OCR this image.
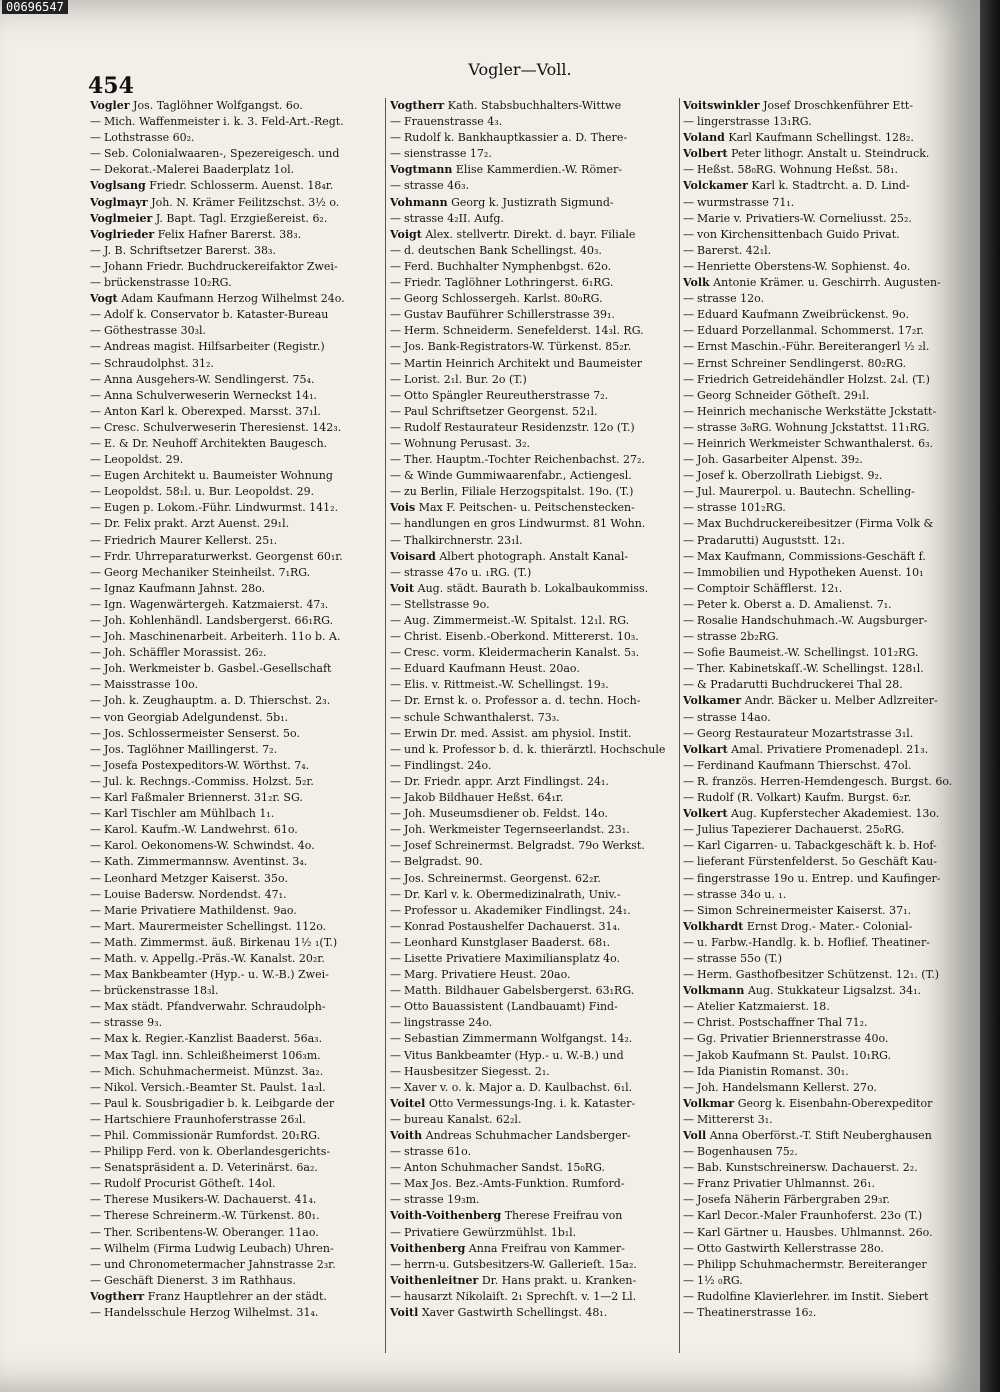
00696547
454
Vogler—Voll.
Vogler Jos. Taglöhner Wolfgangst. 6o.
— Mich. Waffenmeister i. k. 3. Feld-Art.-Regt.
— Lothstrasse 60₂.
— Seb. Colonialwaaren-, Spezereigesch. und
— Dekorat.-Malerei Baaderplatz 1ol.
Voglsang Friedr. Schlosserm. Auenst. 18₄r.
Voglmayr Joh. N. Krämer Feilitzschst. 3½ o.
Voglmeier J. Bapt. Tagl. Erzgießereist. 6₂.
Voglrieder Felix Hafner Barerst. 38₃.
— J. B. Schriftsetzer Barerst. 38₃.
— Johann Friedr. Buchdruckereifaktor Zwei-
— brückenstrasse 10₂RG.
Vogt Adam Kaufmann Herzog Wilhelmst 24o.
— Adolf k. Conservator b. Kataster-Bureau
— Göthestrasse 30₃l.
— Andreas magist. Hilfsarbeiter (Registr.)
— Schraudolphst. 31₂.
— Anna Ausgehers-W. Sendlingerst. 75₄.
— Anna Schulverweserin Werneckst 14₁.
— Anton Karl k. Oberexped. Marsst. 37₁l.
— Cresc. Schulverweserin Theresienst. 142₃.
— E. & Dr. Neuhoff Architekten Baugesch.
— Leopoldst. 29.
— Eugen Architekt u. Baumeister Wohnung
— Leopoldst. 58₁l. u. Bur. Leopoldst. 29.
— Eugen p. Lokom.-Führ. Lindwurmst. 141₂.
— Dr. Felix prakt. Arzt Auenst. 29₁l.
— Friedrich Maurer Kellerst. 25₁.
— Frdr. Uhrreparaturwerkst. Georgenst 60₁r.
— Georg Mechaniker Steinheilst. 7₁RG.
— Ignaz Kaufmann Jahnst. 28o.
— Ign. Wagenwärtergeh. Katzmaierst. 47₃.
— Joh. Kohlenhändl. Landsbergerst. 66₁RG.
— Joh. Maschinenarbeit. Arbeiterh. 11o b. A.
— Joh. Schäffler Morassist. 26₂.
— Joh. Werkmeister b. Gasbel.-Gesellschaft
— Maisstrasse 10o.
— Joh. k. Zeughauptm. a. D. Thierschst. 2₃.
— von Georgiab Adelgundenst. 5b₁.
— Jos. Schlossermeister Senserst. 5o.
— Jos. Taglöhner Maillingerst. 7₂.
— Josefa Postexpeditors-W. Wörthst. 7₄.
— Jul. k. Rechngs.-Commiss. Holzst. 5₂r.
— Karl Faßmaler Briennerst. 31₂r. SG.
— Karl Tischler am Mühlbach 1₁.
— Karol. Kaufm.-W. Landwehrst. 61o.
— Karol. Oekonomens-W. Schwindst. 4o.
— Kath. Zimmermannsw. Aventinst. 3₄.
— Leonhard Metzger Kaiserst. 35o.
— Louise Badersw. Nordendst. 47₁.
— Marie Privatiere Mathildenst. 9ao.
— Mart. Maurermeister Schellingst. 112o.
— Math. Zimmermst. äuß. Birkenau 1½ ₁(T.)
— Math. v. Appellg.-Präs.-W. Kanalst. 20₂r.
— Max Bankbeamter (Hyp.- u. W.-B.) Zwei-
— brückenstrasse 18₃l.
— Max städt. Pfandverwahr. Schraudolph-
— strasse 9₃.
— Max k. Regier.-Kanzlist Baaderst. 56a₃.
— Max Tagl. inn. Schleißheimerst 106₃m.
— Mich. Schuhmachermeist. Münzst. 3a₂.
— Nikol. Versich.-Beamter St. Paulst. 1a₃l.
— Paul k. Sousbrigadier b. k. Leibgarde der
— Hartschiere Fraunhoferstrasse 26₃l.
— Phil. Commissionär Rumfordst. 20₁RG.
— Philipp Ferd. von k. Oberlandesgerichts-
— Senatspräsident a. D. Veterinärst. 6a₂.
— Rudolf Procurist Götheſt. 14ol.
— Therese Musikers-W. Dachauerst. 41₄.
— Therese Schreinerm.-W. Türkenst. 80₁.
— Ther. Scribentens-W. Oberanger. 11ao.
— Wilhelm (Firma Ludwig Leubach) Uhren-
— und Chronometermacher Jahnstrasse 2₃r.
— Geschäft Dienerst. 3 im Rathhaus.
Vogtherr Franz Hauptlehrer an der städt.
— Handelsschule Herzog Wilhelmst. 31₄.
Vogtherr Kath. Stabsbuchhalters-Wittwe
— Frauenstrasse 4₃.
— Rudolf k. Bankhauptkassier a. D. There-
— sienstrasse 17₂.
Vogtmann Elise Kammerdien.-W. Römer-
— strasse 46₃.
Vohmann Georg k. Justizrath Sigmund-
— strasse 4₂II. Aufg.
Voigt Alex. stellvertr. Direkt. d. bayr. Filiale
— d. deutschen Bank Schellingst. 40₃.
— Ferd. Buchhalter Nymphenbgst. 62o.
— Friedr. Taglöhner Lothringerst. 6₁RG.
— Georg Schlossergeh. Karlst. 80₀RG.
— Gustav Bauführer Schillerstrasse 39₁.
— Herm. Schneiderm. Senefelderst. 14₃l. RG.
— Jos. Bank-Registrators-W. Türkenst. 85₂r.
— Martin Heinrich Architekt und Baumeister
— Lorist. 2₁l. Bur. 2o (T.)
— Otto Spängler Reureutherstrasse 7₂.
— Paul Schriftsetzer Georgenst. 52₁l.
— Rudolf Restaurateur Residenzstr. 12o (T.)
— Wohnung Perusast. 3₂.
— Ther. Hauptm.-Tochter Reichenbachst. 27₂.
— & Winde Gummiwaarenfabr., Actiengesl.
— zu Berlin, Filiale Herzogspitalst. 19o. (T.)
Vois Max F. Peitschen- u. Peitschenstecken-
— handlungen en gros Lindwurmst. 81 Wohn.
— Thalkirchnerstr. 23₁l.
Voisard Albert photograph. Anstalt Kanal-
— strasse 47o u. ₁RG. (T.)
Voit Aug. städt. Baurath b. Lokalbaukommiss.
— Stellstrasse 9o.
— Aug. Zimmermeist.-W. Spitalst. 12₁l. RG.
— Christ. Eisenb.-Oberkond. Mittererst. 10₃.
— Cresc. vorm. Kleidermacherin Kanalst. 5₃.
— Eduard Kaufmann Heust. 20ao.
— Elis. v. Rittmeist.-W. Schellingst. 19₃.
— Dr. Ernst k. o. Professor a. d. techn. Hoch-
— schule Schwanthalerst. 73₃.
— Erwin Dr. med. Assist. am physiol. Instit.
— und k. Professor b. d. k. thierärztl. Hochschule
— Findlingst. 24o.
— Dr. Friedr. appr. Arzt Findlingst. 24₁.
— Jakob Bildhauer Heßst. 64₁r.
— Joh. Museumsdiener ob. Feldst. 14o.
— Joh. Werkmeister Tegernseerlandst. 23₁.
— Josef Schreinermst. Belgradst. 79o Werkst.
— Belgradst. 90.
— Jos. Schreinermst. Georgenst. 62₂r.
— Dr. Karl v. k. Obermedizinalrath, Univ.-
— Professor u. Akademiker Findlingst. 24₁.
— Konrad Postaushelfer Dachauerst. 31₄.
— Leonhard Kunstglaser Baaderst. 68₁.
— Lisette Privatiere Maximiliansplatz 4o.
— Marg. Privatiere Heust. 20ao.
— Matth. Bildhauer Gabelsbergerst. 63₁RG.
— Otto Bauassistent (Landbauamt) Find-
— lingstrasse 24o.
— Sebastian Zimmermann Wolfgangst. 14₂.
— Vitus Bankbeamter (Hyp.- u. W.-B.) und
— Hausbesitzer Siegesst. 2₁.
— Xaver v. o. k. Major a. D. Kaulbachst. 6₁l.
Voitel Otto Vermessungs-Ing. i. k. Kataster-
— bureau Kanalst. 62₂l.
Voith Andreas Schuhmacher Landsberger-
— strasse 61o.
— Anton Schuhmacher Sandst. 15₀RG.
— Max Jos. Bez.-Amts-Funktion. Rumford-
— strasse 19₃m.
Voith-Voithenberg Therese Freifrau von
— Privatiere Gewürzmühlst. 1b₁l.
Voithenberg Anna Freifrau von Kammer-
— herrn-u. Gutsbesitzers-W. Gallerieſt. 15a₂.
Voithenleitner Dr. Hans prakt. u. Kranken-
— hausarzt Nikolaiſt. 2₁ Sprechſt. v. 1—2 Ll.
Voitl Xaver Gastwirth Schellingst. 48₁.
Voitswinkler Josef Droschkenführer Ett-
— lingerstrasse 13₁RG.
Voland Karl Kaufmann Schellingst. 128₂.
Volbert Peter lithogr. Anstalt u. Steindruck.
— Heßst. 58₀RG. Wohnung Heßst. 58₁.
Volckamer Karl k. Stadtrcht. a. D. Lind-
— wurmstrasse 71₁.
— Marie v. Privatiers-W. Corneliusst. 25₂.
— von Kirchensittenbach Guido Privat.
— Barerst. 42₁l.
— Henriette Oberstens-W. Sophienst. 4o.
Volk Antonie Krämer. u. Geschirrh. Augusten-
— strasse 12o.
— Eduard Kaufmann Zweibrückenst. 9o.
— Eduard Porzellanmal. Schommerst. 17₂r.
— Ernst Maschin.-Führ. Bereiterangerl ½ ₂l.
— Ernst Schreiner Sendlingerst. 80₂RG.
— Friedrich Getreidehändler Holzst. 2₄l. (T.)
— Georg Schneider Götheſt. 29₁l.
— Heinrich mechanische Werkstätte Jckstatt-
— strasse 3₀RG. Wohnung Jckstattst. 11₁RG.
— Heinrich Werkmeister Schwanthalerst. 6₃.
— Joh. Gasarbeiter Alpenst. 39₂.
— Josef k. Oberzollrath Liebigst. 9₂.
— Jul. Maurerpol. u. Bautechn. Schelling-
— strasse 101₂RG.
— Max Buchdruckereibesitzer (Firma Volk &
— Pradarutti) Auguststt. 12₁.
— Max Kaufmann, Commissions-Geschäft f.
— Immobilien und Hypotheken Auenst. 10₁
— Comptoir Schäfflerst. 12₁.
— Peter k. Oberst a. D. Amalienst. 7₁.
— Rosalie Handschuhmach.-W. Augsburger-
— strasse 2b₂RG.
— Sofie Baumeist.-W. Schellingst. 101₂RG.
— Ther. Kabinetskaſſ.-W. Schellingst. 128₁l.
— & Pradarutti Buchdruckerei Thal 28.
Volkamer Andr. Bäcker u. Melber Adlzreiter-
— strasse 14ao.
— Georg Restaurateur Mozartstrasse 3₁l.
Volkart Amal. Privatiere Promenadepl. 21₃.
— Ferdinand Kaufmann Thierschst. 47ol.
— R. französ. Herren-Hemdengesch. Burgst. 6o.
— Rudolf (R. Volkart) Kaufm. Burgst. 6₂r.
Volkert Aug. Kupferstecher Akademiest. 13o.
— Julius Tapezierer Dachauerst. 25₀RG.
— Karl Cigarren- u. Tabackgeschäft k. b. Hof-
— lieferant Fürstenfelderst. 5o Geschäft Kau-
— fingerstrasse 19o u. Entrep. und Kaufinger-
— strasse 34o u. ₁.
— Simon Schreinermeister Kaiserst. 37₁.
Volkhardt Ernst Drog.- Mater.- Colonial-
— u. Farbw.-Handlg. k. b. Hoflief. Theatiner-
— strasse 55o (T.)
— Herm. Gasthofbesitzer Schützenst. 12₁. (T.)
Volkmann Aug. Stukkateur Ligsalzst. 34₁.
— Atelier Katzmaierst. 18.
— Christ. Postschaffner Thal 71₂.
— Gg. Privatier Briennerstrasse 40o.
— Jakob Kaufmann St. Paulst. 10₁RG.
— Ida Pianistin Romanst. 30₁.
— Joh. Handelsmann Kellerst. 27o.
Volkmar Georg k. Eisenbahn-Oberexpeditor
— Mittererst 3₁.
Voll Anna Oberförst.-T. Stift Neuberghausen
— Bogenhausen 75₂.
— Bab. Kunstschreinersw. Dachauerst. 2₂.
— Franz Privatier Uhlmannst. 26₁.
— Josefa Näherin Färbergraben 29₃r.
— Karl Decor.-Maler Fraunhoferst. 23o (T.)
— Karl Gärtner u. Hausbes. Uhlmannst. 26o.
— Otto Gastwirth Kellerstrasse 28o.
— Philipp Schuhmachermstr. Bereiteranger
— 1½ ₀RG.
— Rudolfine Klavierlehrer. im Instit. Siebert
— Theatinerstrasse 16₂.
